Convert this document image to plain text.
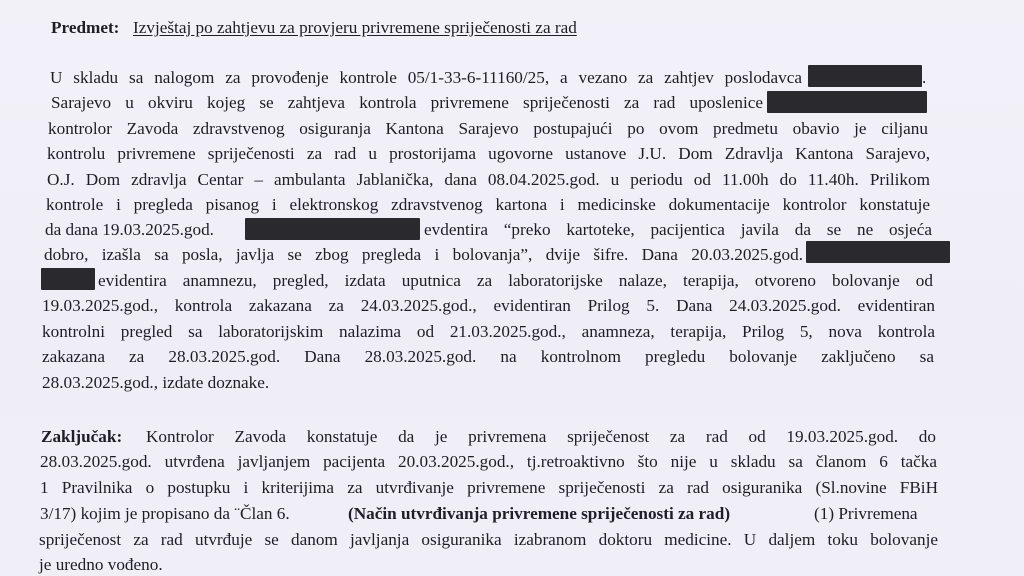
Predmet: Izvještaj po zahtjevu za provjeru privremene spriječenosti za rad
U skladu sa nalogom za provođenje kontrole 05/1-33-6-11160/25, a vezano za zahtjev poslodavca	.
Sarajevo u okviru kojeg se zahtjeva kontrola privremene spriječenosti za rad uposlenice
kontrolor Zavoda zdravstvenog osiguranja Kantona Sarajevo postupajući po ovom predmetu obavio je ciljanu
kontrolu privremene spriječenosti za rad u prostorijama ugovorne ustanove J.U. Dom Zdravlja Kantona Sarajevo,
O.J. Dom zdravlja Centar – ambulanta Jablanička, dana 08.04.2025.god. u periodu od 11.00h do 11.40h. Prilikom
kontrole i pregleda pisanog i elektronskog zdravstvenog kartona i medicinske dokumentacije kontrolor konstatuje
da dana 19.03.2025.god.	evdentira “preko kartoteke, pacijentica javila da se ne osjeća
dobro, izašla sa posla, javlja se zbog pregleda i bolovanja”, dvije šifre. Dana 20.03.2025.god.
evidentira anamnezu, pregled, izdata uputnica za laboratorijske nalaze, terapija, otvoreno bolovanje od
19.03.2025.god., kontrola zakazana za 24.03.2025.god., evidentiran Prilog 5. Dana 24.03.2025.god. evidentiran
kontrolni pregled sa laboratorijskim nalazima od 21.03.2025.god., anamneza, terapija, Prilog 5, nova kontrola
zakazana za 28.03.2025.god. Dana 28.03.2025.god. na kontrolnom pregledu bolovanje zaključeno sa
28.03.2025.god., izdate doznake.
Zaključak: Kontrolor Zavoda konstatuje da je privremena spriječenost za rad od 19.03.2025.god. do
28.03.2025.god. utvrđena javljanjem pacijenta 20.03.2025.god., tj.retroaktivno što nije u skladu sa članom 6 tačka
1 Pravilnika o postupku i kriterijima za utvrđivanje privremene spriječenosti za rad osiguranika (Sl.novine FBiH
3/17) kojim je propisano da ¨Član 6.	(Način utvrđivanja privremene spriječenosti za rad)	(1) Privremena
spriječenost za rad utvrđuje se danom javljanja osiguranika izabranom doktoru medicine. U daljem toku bolovanje
je uredno vođeno.
